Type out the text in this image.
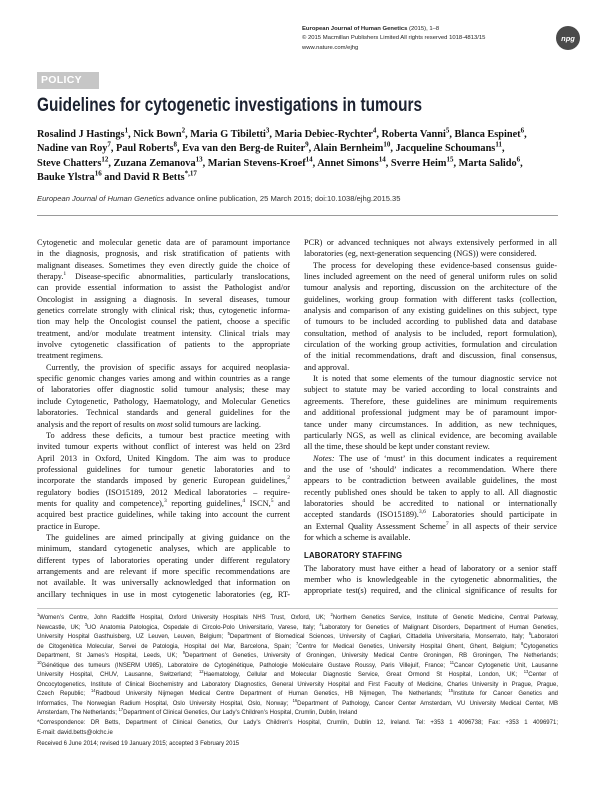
European Journal of Human Genetics (2015), 1–8
© 2015 Macmillan Publishers Limited All rights reserved 1018-4813/15
www.nature.com/ejhg
npg
POLICY
Guidelines for cytogenetic investigations in tumours
Rosalind J Hastings$^1$, Nick Bown$^2$, Maria G Tibiletti$^3$, Maria Debiec-Rychter$^4$, Roberta Vanni$^5$, Blanca Espinet$^6$,
Nadine van Roy$^7$, Paul Roberts$^8$, Eva van den Berg-de Ruiter$^9$, Alain Bernheim$^{10}$, Jacqueline Schoumans$^{11}$,
Steve Chatters$^{12}$, Zuzana Zemanova$^{13}$, Marian Stevens-Kroef$^{14}$, Annet Simons$^{14}$, Sverre Heim$^{15}$, Marta Salido$^6$,
Bauke Ylstra$^{16}$ and David R Betts$^{*,17}$
European Journal of Human Genetics advance online publication, 25 March 2015; doi:10.1038/ejhg.2015.35
Cytogenetic and molecular genetic data are of paramount importance
in the diagnosis, prognosis, and risk stratification of patients with
malignant diseases. Sometimes they even directly guide the choice of
therapy.$^1$ Disease-specific abnormalities, particularly translocations,
can provide essential information to assist the Pathologist and/or
Oncologist in assigning a diagnosis. In several diseases, tumour
genetics correlate strongly with clinical risk; thus, cytogenetic informa-
tion may help the Oncologist counsel the patient, choose a specific
treatment, and/or modulate treatment intensity. Clinical trials may
involve cytogenetic classification of patients to the appropriate
treatment regimens.
Currently, the provision of specific assays for acquired neoplasia-
specific genomic changes varies among and within countries as a range
of laboratories offer diagnostic solid tumour analysis; these may
include Cytogenetic, Pathology, Haematology, and Molecular Genetics
laboratories. Technical standards and general guidelines for the
analysis and the report of results on most solid tumours are lacking.
To address these deficits, a tumour best practice meeting with
invited tumour experts without conflict of interest was held on 23rd
April 2013 in Oxford, United Kingdom. The aim was to produce
professional guidelines for tumour genetic laboratories and to
incorporate the standards imposed by generic European guidelines,$^2$
regulatory bodies (ISO15189, 2012 Medical laboratories – require-
ments for quality and competence),$^3$ reporting guidelines,$^4$ ISCN,$^5$ and
acquired best practice guidelines, while taking into account the current
practice in Europe.
The guidelines are aimed principally at giving guidance on the
minimum, standard cytogenetic analyses, which are applicable to
different types of laboratories operating under different regulatory
arrangements and are relevant if more specific recommendations are
not available. It was universally acknowledged that information on
ancillary techniques in use in most cytogenetic laboratories (eg, RT-
PCR) or advanced techniques not always extensively performed in all
laboratories (eg, next-generation sequencing (NGS)) were considered.
The process for developing these evidence-based consensus guide-
lines included agreement on the need of general uniform rules on solid
tumour analysis and reporting, discussion on the architecture of the
guidelines, working group formation with different tasks (collection,
analysis and comparison of any existing guidelines on this subject, type
of tumours to be included according to published data and database
consultation, method of analysis to be included, report formulation),
circulation of the working group activities, formulation and circulation
of the initial recommendations, draft and discussion, final consensus,
and approval.
It is noted that some elements of the tumour diagnostic service not
subject to statute may be varied according to local constraints and
agreements. Therefore, these guidelines are minimum requirements
and additional professional judgment may be of paramount impor-
tance under many circumstances. In addition, as new techniques,
particularly NGS, as well as clinical evidence, are becoming available
all the time, these should be kept under constant review.
Notes: The use of ‘must’ in this document indicates a requirement
and the use of ‘should’ indicates a recommendation. Where there
appears to be contradiction between available guidelines, the most
recently published ones should be taken to apply to all. All diagnostic
laboratories should be accredited to national or internationally
accepted standards (ISO15189).$^{3,6}$ Laboratories should participate in
an External Quality Assessment Scheme$^7$ in all aspects of their service
for which a scheme is available.
LABORATORY STAFFING
The laboratory must have either a head of laboratory or a senior staff
member who is knowledgeable in the cytogenetic abnormalities, the
appropriate test(s) required, and the clinical significance of results for
$^1$Women’s Centre, John Radcliffe Hospital, Oxford University Hospitals NHS Trust, Oxford, UK; $^2$Northern Genetics Service, Institute of Genetic Medicine, Central Parkway,
Newcastle, UK; $^3$UO Anatomia Patologica, Ospedale di Circolo-Polo Universitario, Varese, Italy; $^4$Laboratory for Genetics of Malignant Disorders, Department of Human Genetics,
University Hospital Gasthuisberg, UZ Leuven, Leuven, Belgium; $^5$Department of Biomedical Sciences, University of Cagliari, Cittadella Universitaria, Monserrato, Italy; $^6$Laboratori
de Citogenètica Molecular, Servei de Patologia, Hospital del Mar, Barcelona, Spain; $^7$Centre for Medical Genetics, University Hospital Ghent, Ghent, Belgium; $^8$Cytogenetics
Department, St James’s Hospital, Leeds, UK; $^9$Department of Genetics, University of Groningen, University Medical Centre Groningen, RB Groningen, The Netherlands;
$^{10}$Génétique des tumeurs (INSERM U985), Laboratoire de Cytogénétique, Pathologie Moléculaire Gustave Roussy, Paris Villejuif, France; $^{11}$Cancer Cytogenetic Unit, Lausanne
University Hospital, CHUV, Lausanne, Switzerland; $^{12}$Haematology, Cellular and Molecular Diagnostic Service, Great Ormond St Hospital, London, UK; $^{13}$Center of
Oncocytogenetics, Institute of Clinical Biochemistry and Laboratory Diagnostics, General University Hospital and First Faculty of Medicine, Charles University in Prague, Prague,
Czech Republic; $^{14}$Radboud University Nijmegen Medical Centre Department of Human Genetics, HB Nijmegen, The Netherlands; $^{15}$Institute for Cancer Genetics and
Informatics, The Norwegian Radium Hospital, Oslo University Hospital, Oslo, Norway; $^{16}$Department of Pathology, Cancer Center Amsterdam, VU University Medical Center, MB
Amsterdam, The Netherlands; $^{17}$Department of Clinical Genetics, Our Lady’s Children’s Hospital, Crumlin, Dublin, Ireland
*Correspondence: DR Betts, Department of Clinical Genetics, Our Lady’s Children’s Hospital, Crumlin, Dublin 12, Ireland. Tel: +353 1 4096738; Fax: +353 1 4096971;
E-mail: david.betts@olchc.ie
Received 6 June 2014; revised 19 January 2015; accepted 3 February 2015
